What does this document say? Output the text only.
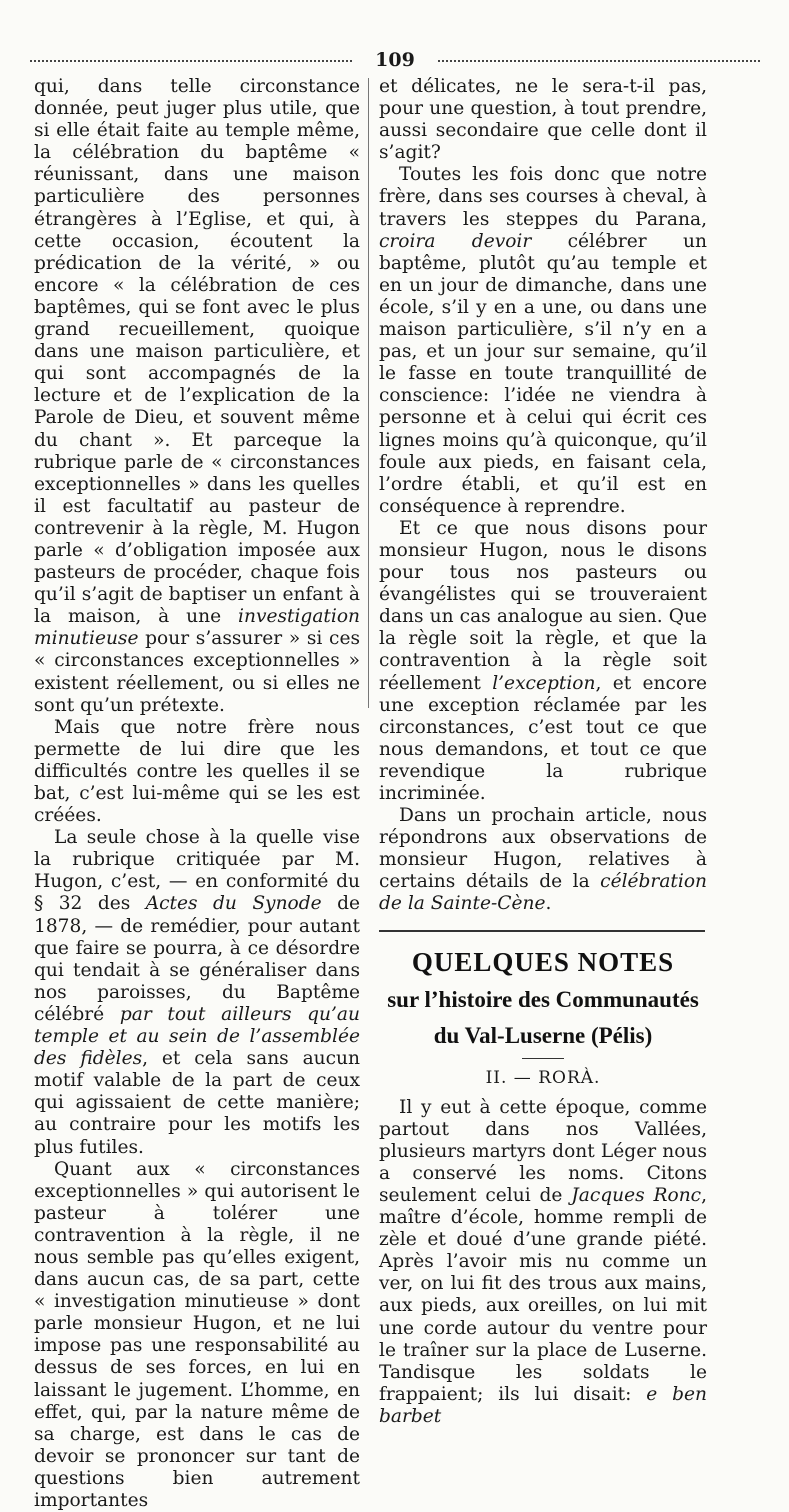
109

qui, dans telle circonstance donnée, peut juger plus utile, que si elle était faite au temple même, la célébration du baptême « réunissant, dans une maison particulière des personnes étrangères à l’Eglise, et qui, à cette occasion, écoutent la prédication de la vérité, » ou encore « la célébration de ces baptêmes, qui se font avec le plus grand recueillement, quoique dans une maison particulière, et qui sont accompagnés de la lecture et de l’explication de la Parole de Dieu, et souvent même du chant ». Et parceque la rubrique parle de « circonstances exceptionnelles » dans les quelles il est facultatif au pasteur de contrevenir à la règle, M. Hugon parle « d’obligation imposée aux pasteurs de procéder, chaque fois qu’il s’agit de baptiser un enfant à la maison, à une investigation minutieuse pour s’assurer » si ces « circonstances exceptionnelles » existent réellement, ou si elles ne sont qu’un prétexte.

Mais que notre frère nous permette de lui dire que les difficultés contre les quelles il se bat, c’est lui-même qui se les est créées.

La seule chose à la quelle vise la rubrique critiquée par M. Hugon, c’est, — en conformité du § 32 des Actes du Synode de 1878, — de remédier, pour autant que faire se pourra, à ce désordre qui tendait à se généraliser dans nos paroisses, du Baptême célébré par tout ailleurs qu’au temple et au sein de l’assemblée des fidèles, et cela sans aucun motif valable de la part de ceux qui agissaient de cette manière; au contraire pour les motifs les plus futiles.

Quant aux « circonstances exceptionnelles » qui autorisent le pasteur à tolérer une contravention à la règle, il ne nous semble pas qu’elles exigent, dans aucun cas, de sa part, cette « investigation minutieuse » dont parle monsieur Hugon, et ne lui impose pas une responsabilité au dessus de ses forces, en lui en laissant le jugement. L’homme, en effet, qui, par la nature même de sa charge, est dans le cas de devoir se prononcer sur tant de questions bien autrement importantes

et délicates, ne le sera-t-il pas, pour une question, à tout prendre, aussi secondaire que celle dont il s’agit?

Toutes les fois donc que notre frère, dans ses courses à cheval, à travers les steppes du Parana, croira devoir célébrer un baptême, plutôt qu’au temple et en un jour de dimanche, dans une école, s’il y en a une, ou dans une maison particulière, s’il n’y en a pas, et un jour sur semaine, qu’il le fasse en toute tranquillité de conscience: l’idée ne viendra à personne et à celui qui écrit ces lignes moins qu’à quiconque, qu’il foule aux pieds, en faisant cela, l’ordre établi, et qu’il est en conséquence à reprendre.

Et ce que nous disons pour monsieur Hugon, nous le disons pour tous nos pasteurs ou évangélistes qui se trouveraient dans un cas analogue au sien. Que la règle soit la règle, et que la contravention à la règle soit réellement l’exception, et encore une exception réclamée par les circonstances, c’est tout ce que nous demandons, et tout ce que revendique la rubrique incriminée.

Dans un prochain article, nous répondrons aux observations de monsieur Hugon, relatives à certains détails de la célébration de la Sainte-Cène.

QUELQUES NOTES

sur l’histoire des Communautés

du Val-Luserne (Pélis)

II. — RORÀ.

Il y eut à cette époque, comme partout dans nos Vallées, plusieurs martyrs dont Léger nous a conservé les noms. Citons seulement celui de Jacques Ronc, maître d’école, homme rempli de zèle et doué d’une grande piété. Après l’avoir mis nu comme un ver, on lui fit des trous aux mains, aux pieds, aux oreilles, on lui mit une corde autour du ventre pour le traîner sur la place de Luserne. Tandisque les soldats le frappaient; ils lui disait: e ben barbet
